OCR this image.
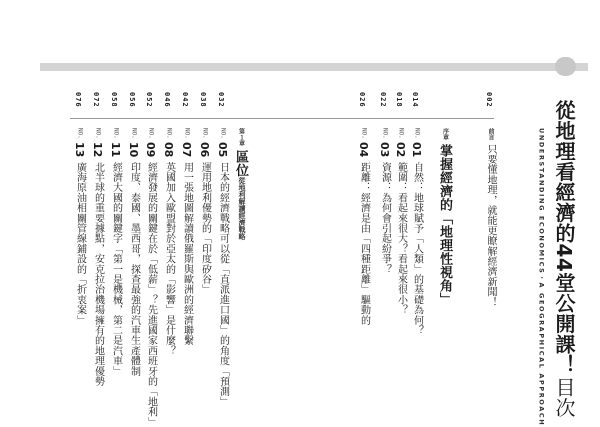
002
014
018
022
026
032
038
042
046
052
056
058
072
076
從地理看經濟的44堂公開課！目次
UNDERSTANDING ECONOMICS・A GEOGRAPHICAL APPROACH
前言
只要懂地理，就能更瞭解經濟新聞！
序章
掌握經濟的「地理性視角」
NO.
01
自然：地球賦予「人類」的基礎為何？
NO.
02
範圍：看起來很大？看起來很小？
NO.
03
資源：為何會引起紛爭？
NO.
04
距離：經濟是由「四種距離」驅動的
第１章
區位
從地利解讀經濟戰略
NO.
05
日本的經濟戰略可以從「直派進口國」的角度「預測」
NO.
06
運用地利優勢的「印度矽谷」
NO.
07
用一張地圖解讀俄羅斯與歐洲的經濟聯繫
NO.
08
英國加入歐盟對於亞太的「影響」是什麼？
NO.
09
經濟發展的關鍵在於「低薪」？先進國家西班牙的「地利」
NO.
10
印度、泰國、墨西哥，探查最強的汽車生產體制
NO.
11
經濟大國的關鍵字「第一是機械，第二是汽車」
NO.
12
北半球的重要據點，安克拉治機場擁有的地理優勢
NO.
13
廣海原油相關管線鋪設的「折衷案」
